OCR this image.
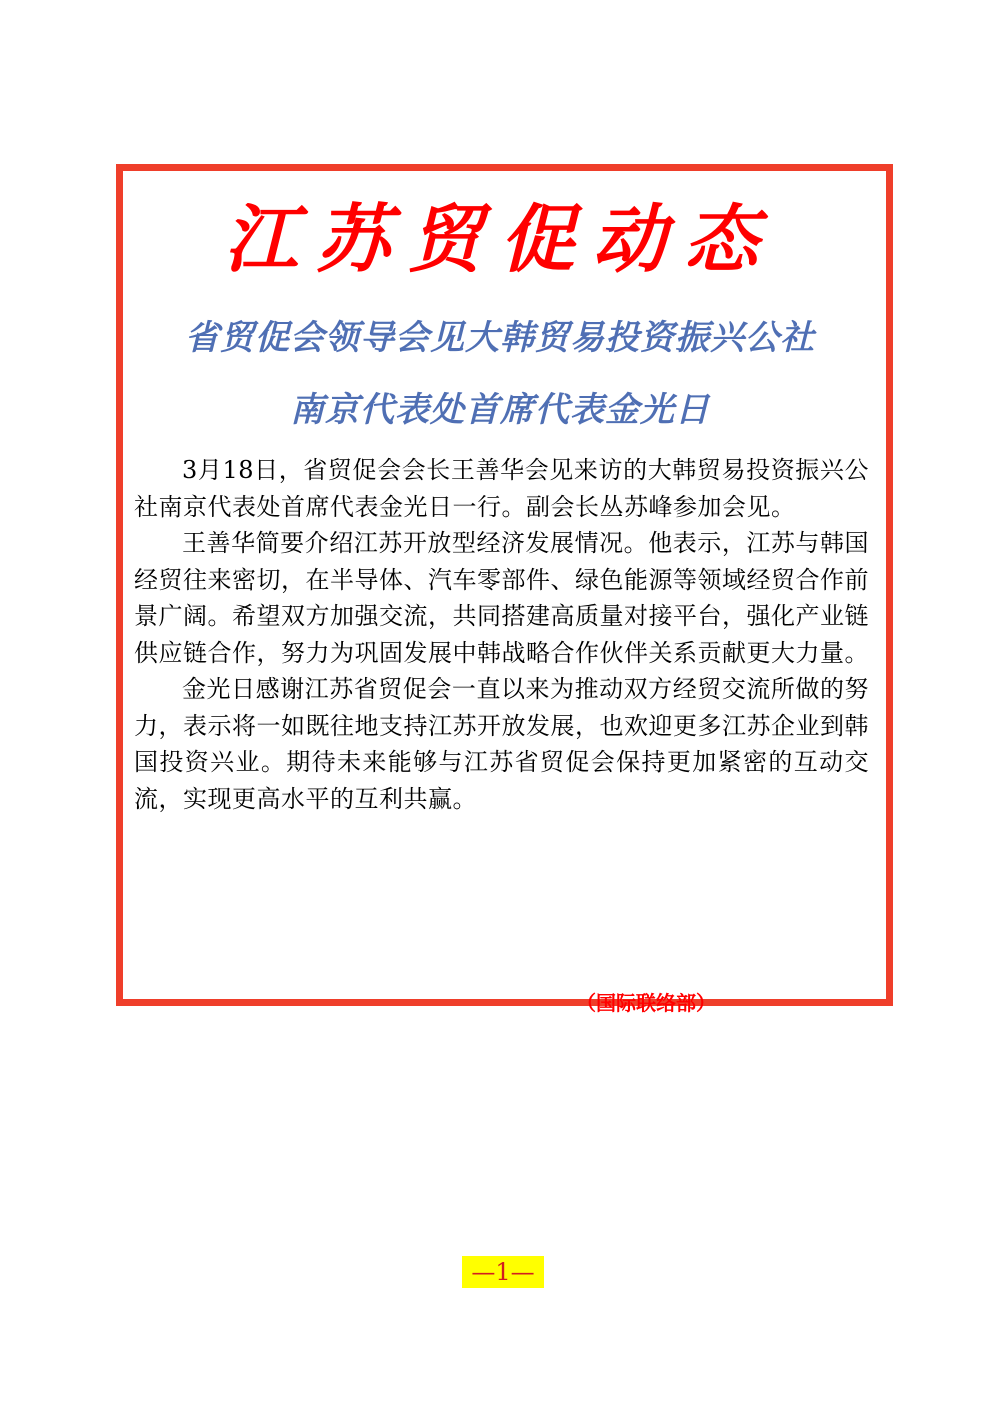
江苏贸促动态
省贸促会领导会见大韩贸易投资振兴公社
南京代表处首席代表金光日

3月18日，省贸促会会长王善华会见来访的大韩贸易投资振兴公社南京代表处首席代表金光日一行。副会长丛苏峰参加会见。

王善华简要介绍江苏开放型经济发展情况。他表示，江苏与韩国经贸往来密切，在半导体、汽车零部件、绿色能源等领域经贸合作前景广阔。希望双方加强交流，共同搭建高质量对接平台，强化产业链供应链合作，努力为巩固发展中韩战略合作伙伴关系贡献更大力量。

金光日感谢江苏省贸促会一直以来为推动双方经贸交流所做的努力，表示将一如既往地支持江苏开放发展，也欢迎更多江苏企业到韩国投资兴业。期待未来能够与江苏省贸促会保持更加紧密的互动交流，实现更高水平的互利共赢。

（国际联络部）
—1—
